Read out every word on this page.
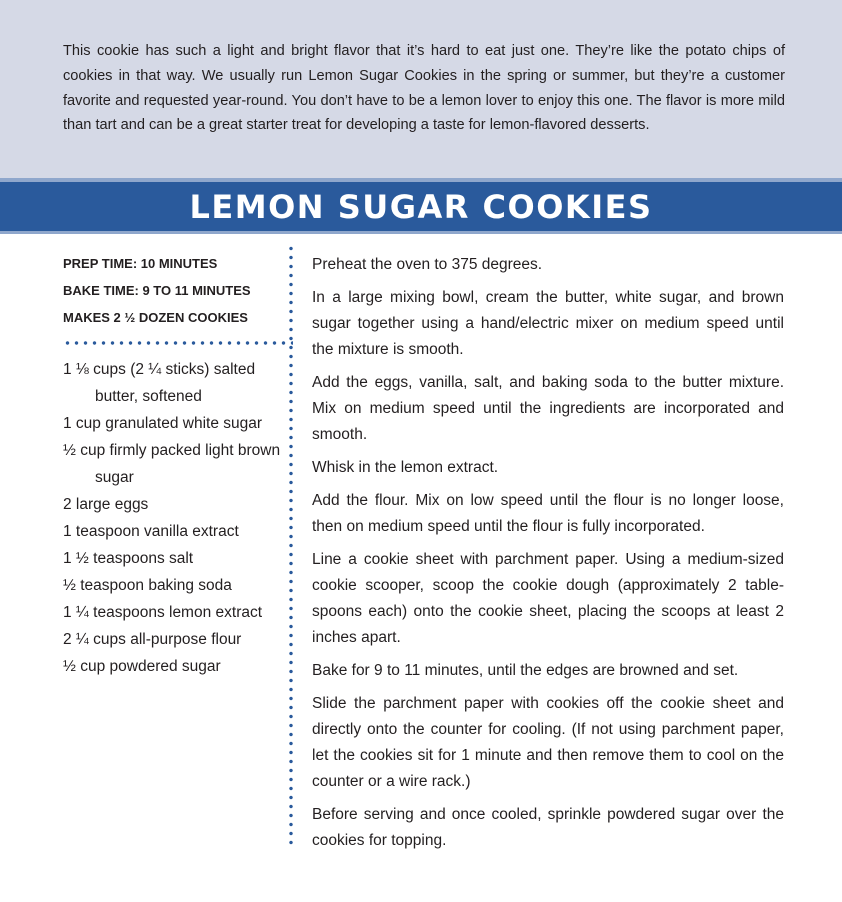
This cookie has such a light and bright flavor that it’s hard to eat just one. They’re like the potato chips of cookies in that way. We usually run Lemon Sugar Cookies in the spring or summer, but they’re a customer favorite and requested year-round. You don’t have to be a lemon lover to enjoy this one. The flavor is more mild than tart and can be a great starter treat for developing a taste for lemon-flavored desserts.

LEMON SUGAR COOKIES
PREP TIME: 10 MINUTES
BAKE TIME: 9 TO 11 MINUTES
MAKES 2 ½ DOZEN COOKIES
1 ⅛ cups (2 ¼ sticks) salted butter, softened
1 cup granulated white sugar
½ cup firmly packed light brown sugar
2 large eggs
1 teaspoon vanilla extract
1 ½ teaspoons salt
½ teaspoon baking soda
1 ¼ teaspoons lemon extract
2 ¼ cups all-purpose flour
½ cup powdered sugar

Preheat the oven to 375 degrees.

In a large mixing bowl, cream the butter, white sugar, and brown sugar together using a hand/electric mixer on medium speed until the mixture is smooth.

Add the eggs, vanilla, salt, and baking soda to the butter mixture. Mix on medium speed until the ingredients are incorporated and smooth.

Whisk in the lemon extract.

Add the flour. Mix on low speed until the flour is no longer loose, then on medium speed until the flour is fully incorporated.

Line a cookie sheet with parchment paper. Using a medium-sized cookie scooper, scoop the cookie dough (approximately 2 table-spoons each) onto the cookie sheet, placing the scoops at least 2 inches apart.

Bake for 9 to 11 minutes, until the edges are browned and set.

Slide the parchment paper with cookies off the cookie sheet and directly onto the counter for cooling. (If not using parchment paper, let the cookies sit for 1 minute and then remove them to cool on the counter or a wire rack.)

Before serving and once cooled, sprinkle powdered sugar over the cookies for topping.
